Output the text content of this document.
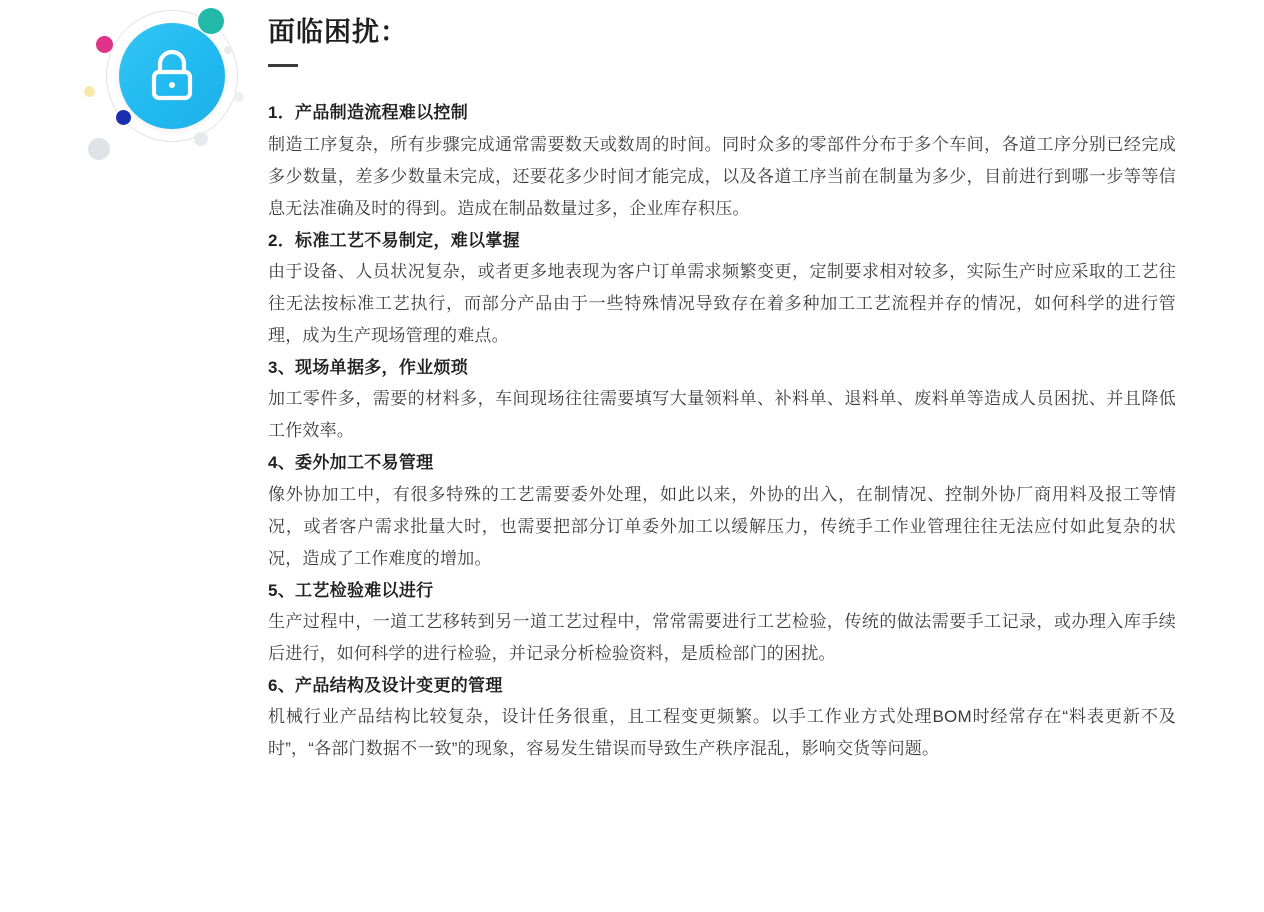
面临困扰：
1．产品制造流程难以控制
制造工序复杂，所有步骤完成通常需要数天或数周的时间。同时众多的零部件分布于多个车间，各道工序分别已经完成多少数量，差多少数量未完成，还要花多少时间才能完成，以及各道工序当前在制量为多少，目前进行到哪一步等等信息无法准确及时的得到。造成在制品数量过多，企业库存积压。
2．标准工艺不易制定，难以掌握
由于设备、人员状况复杂，或者更多地表现为客户订单需求频繁变更，定制要求相对较多，实际生产时应采取的工艺往往无法按标准工艺执行，而部分产品由于一些特殊情况导致存在着多种加工工艺流程并存的情况，如何科学的进行管理，成为生产现场管理的难点。
3、现场单据多，作业烦琐
加工零件多，需要的材料多，车间现场往往需要填写大量领料单、补料单、退料单、废料单等造成人员困扰、并且降低工作效率。
4、委外加工不易管理
像外协加工中，有很多特殊的工艺需要委外处理，如此以来，外协的出入，在制情况、控制外协厂商用料及报工等情况，或者客户需求批量大时，也需要把部分订单委外加工以缓解压力，传统手工作业管理往往无法应付如此复杂的状况，造成了工作难度的增加。
5、工艺检验难以进行
生产过程中，一道工艺移转到另一道工艺过程中，常常需要进行工艺检验，传统的做法需要手工记录，或办理入库手续后进行，如何科学的进行检验，并记录分析检验资料，是质检部门的困扰。
6、产品结构及设计变更的管理
机械行业产品结构比较复杂，设计任务很重，且工程变更频繁。以手工作业方式处理BOM时经常存在“料表更新不及时”，“各部门数据不一致”的现象，容易发生错误而导致生产秩序混乱，影响交货等问题。
